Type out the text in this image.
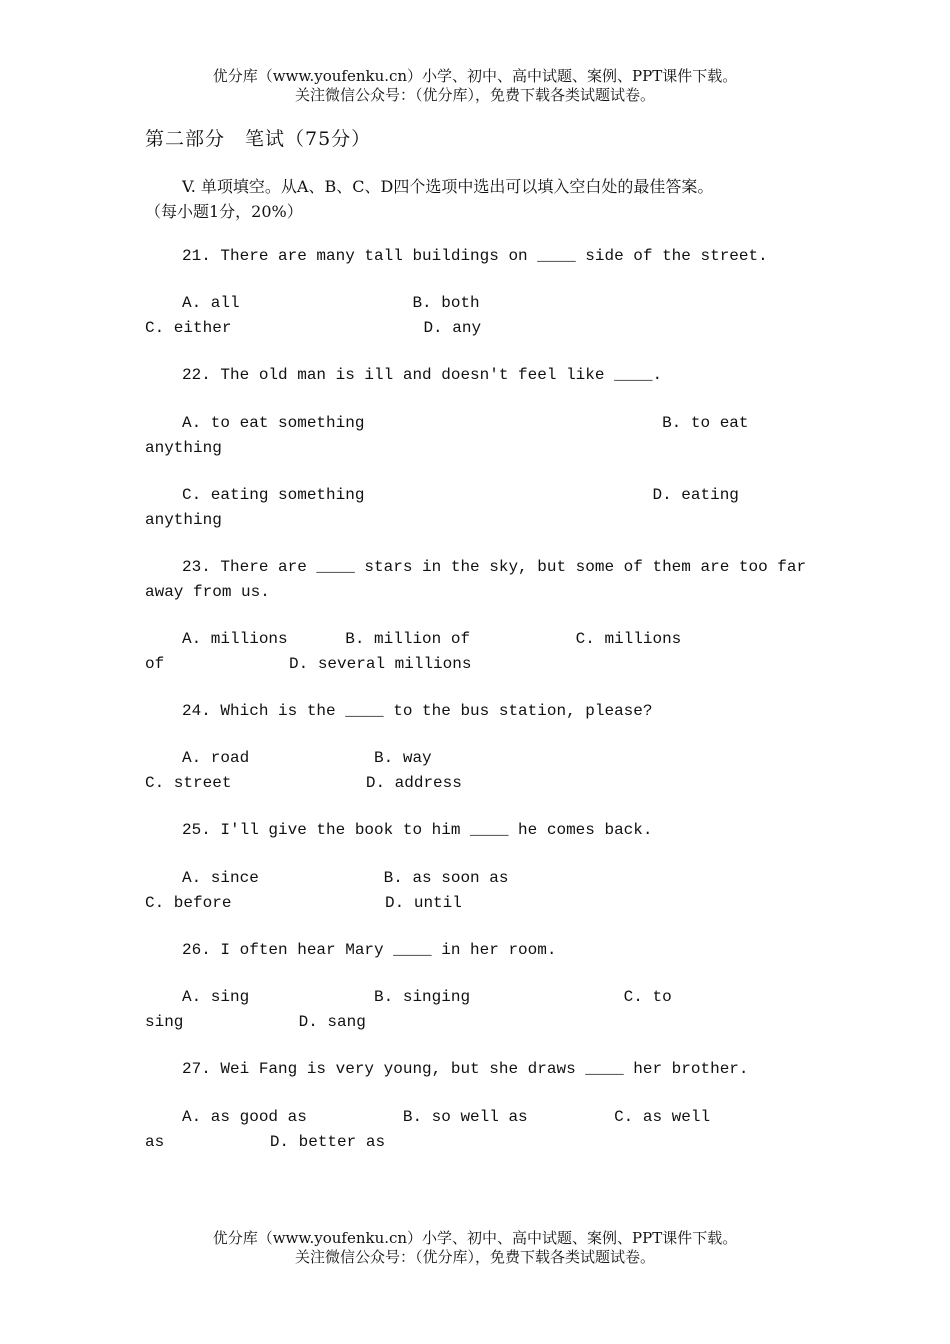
优分库（www.youfenku.cn）小学、初中、高中试题、案例、PPT课件下载。
关注微信公众号：（优分库），免费下载各类试题试卷。
第二部分　笔试（75分）
V. 单项填空。从A、B、C、D四个选项中选出可以填入空白处的最佳答案。
（每小题1分，20%）
21. There are many tall buildings on ____ side of the street.
A. all                  B. both
C. either                    D. any
22. The old man is ill and doesn't feel like ____.
A. to eat something                               B. to eat
anything
C. eating something                              D. eating
anything
23. There are ____ stars in the sky, but some of them are too far
away from us.
A. millions      B. million of           C. millions
of             D. several millions
24. Which is the ____ to the bus station, please?
A. road             B. way
C. street              D. address
25. I'll give the book to him ____ he comes back.
A. since             B. as soon as
C. before                D. until
26. I often hear Mary ____ in her room.
A. sing             B. singing                C. to
sing            D. sang
27. Wei Fang is very young, but she draws ____ her brother.
A. as good as          B. so well as         C. as well
as           D. better as
优分库（www.youfenku.cn）小学、初中、高中试题、案例、PPT课件下载。
关注微信公众号：（优分库），免费下载各类试题试卷。
